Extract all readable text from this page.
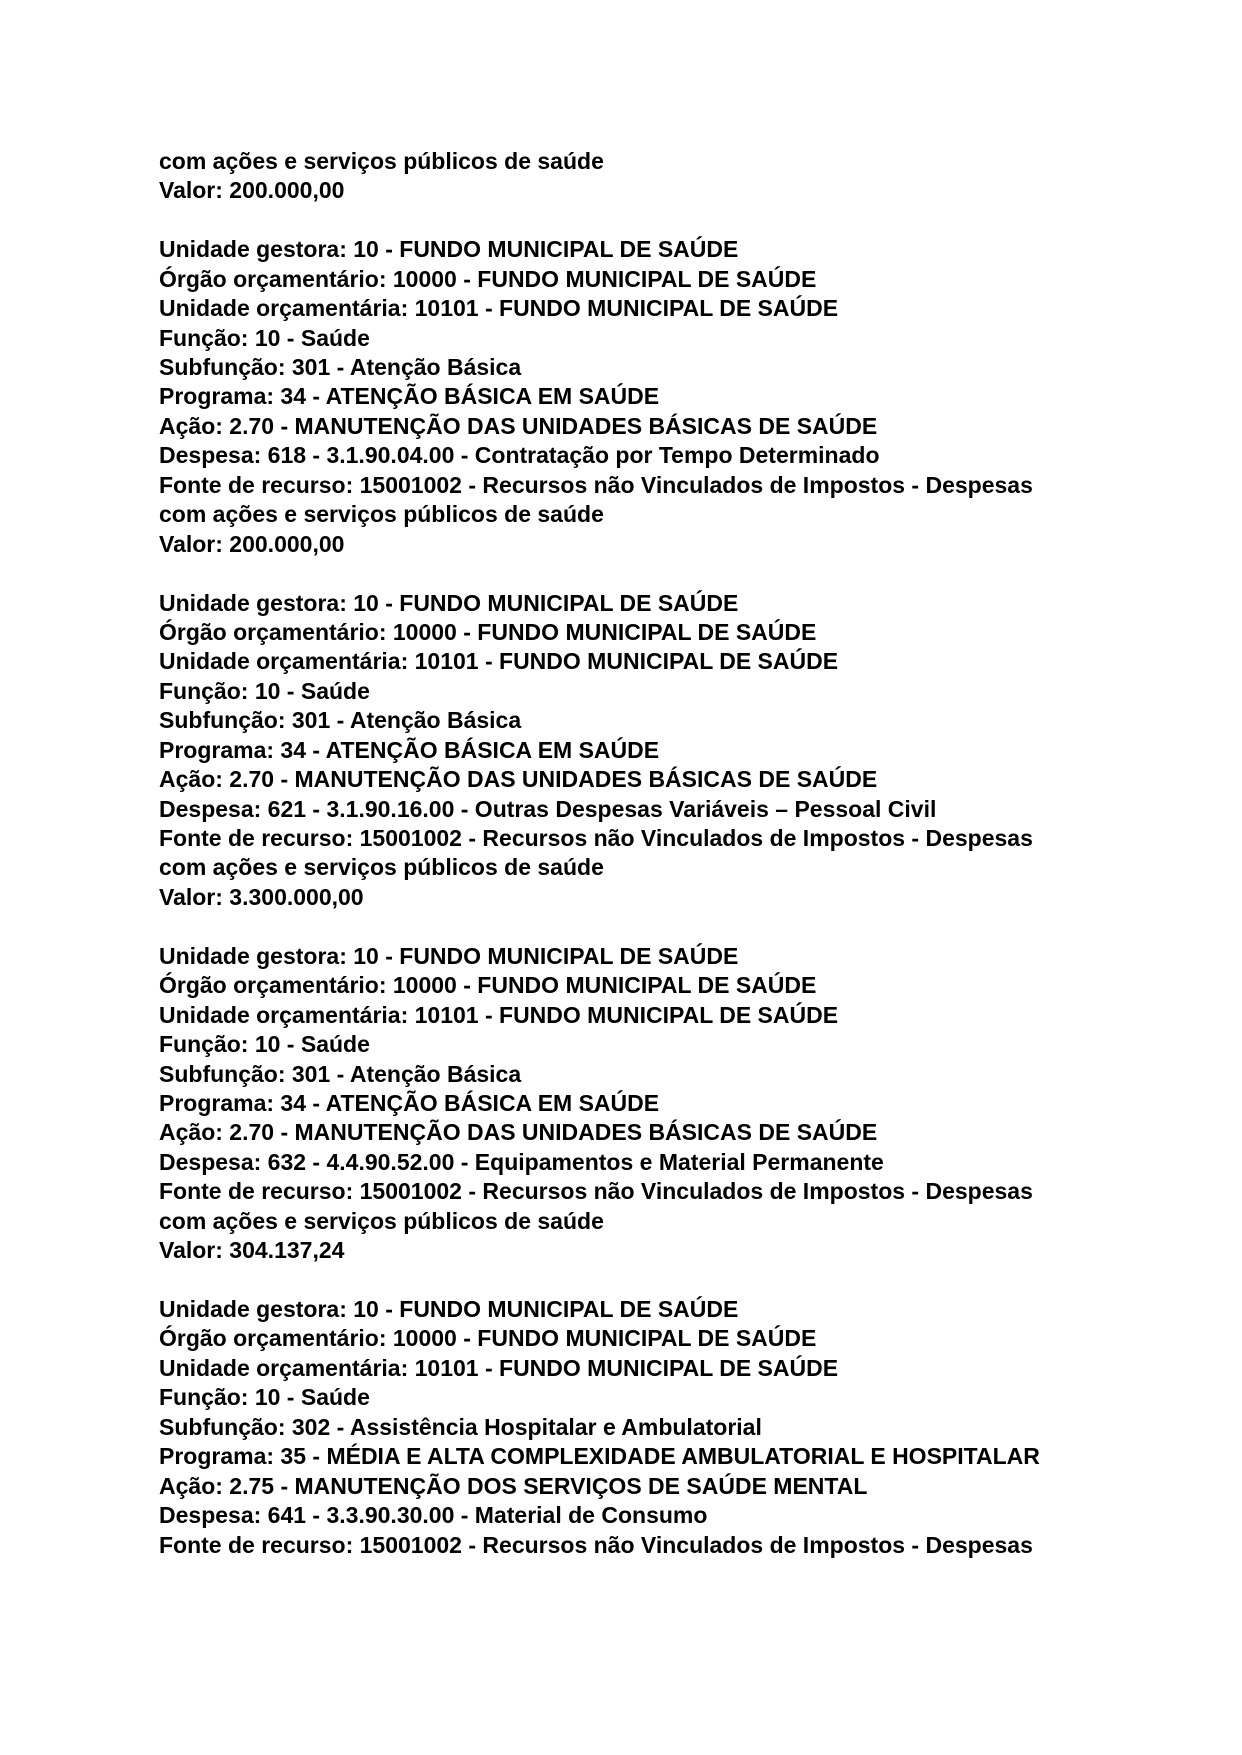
com ações e serviços públicos de saúde
Valor: 200.000,00
Unidade gestora: 10 - FUNDO MUNICIPAL DE SAÚDE
Órgão orçamentário: 10000 - FUNDO MUNICIPAL DE SAÚDE
Unidade orçamentária: 10101 - FUNDO MUNICIPAL DE SAÚDE
Função: 10 - Saúde
Subfunção: 301 - Atenção Básica
Programa: 34 - ATENÇÃO BÁSICA EM SAÚDE
Ação: 2.70 - MANUTENÇÃO DAS UNIDADES BÁSICAS DE SAÚDE
Despesa: 618 - 3.1.90.04.00 - Contratação por Tempo Determinado
Fonte de recurso: 15001002 - Recursos não Vinculados de Impostos - Despesas
com ações e serviços públicos de saúde
Valor: 200.000,00
Unidade gestora: 10 - FUNDO MUNICIPAL DE SAÚDE
Órgão orçamentário: 10000 - FUNDO MUNICIPAL DE SAÚDE
Unidade orçamentária: 10101 - FUNDO MUNICIPAL DE SAÚDE
Função: 10 - Saúde
Subfunção: 301 - Atenção Básica
Programa: 34 - ATENÇÃO BÁSICA EM SAÚDE
Ação: 2.70 - MANUTENÇÃO DAS UNIDADES BÁSICAS DE SAÚDE
Despesa: 621 - 3.1.90.16.00 - Outras Despesas Variáveis – Pessoal Civil
Fonte de recurso: 15001002 - Recursos não Vinculados de Impostos - Despesas
com ações e serviços públicos de saúde
Valor: 3.300.000,00
Unidade gestora: 10 - FUNDO MUNICIPAL DE SAÚDE
Órgão orçamentário: 10000 - FUNDO MUNICIPAL DE SAÚDE
Unidade orçamentária: 10101 - FUNDO MUNICIPAL DE SAÚDE
Função: 10 - Saúde
Subfunção: 301 - Atenção Básica
Programa: 34 - ATENÇÃO BÁSICA EM SAÚDE
Ação: 2.70 - MANUTENÇÃO DAS UNIDADES BÁSICAS DE SAÚDE
Despesa: 632 - 4.4.90.52.00 - Equipamentos e Material Permanente
Fonte de recurso: 15001002 - Recursos não Vinculados de Impostos - Despesas
com ações e serviços públicos de saúde
Valor: 304.137,24
Unidade gestora: 10 - FUNDO MUNICIPAL DE SAÚDE
Órgão orçamentário: 10000 - FUNDO MUNICIPAL DE SAÚDE
Unidade orçamentária: 10101 - FUNDO MUNICIPAL DE SAÚDE
Função: 10 - Saúde
Subfunção: 302 - Assistência Hospitalar e Ambulatorial
Programa: 35 - MÉDIA E ALTA COMPLEXIDADE AMBULATORIAL E HOSPITALAR
Ação: 2.75 - MANUTENÇÃO DOS SERVIÇOS DE SAÚDE MENTAL
Despesa: 641 - 3.3.90.30.00 - Material de Consumo
Fonte de recurso: 15001002 - Recursos não Vinculados de Impostos - Despesas
